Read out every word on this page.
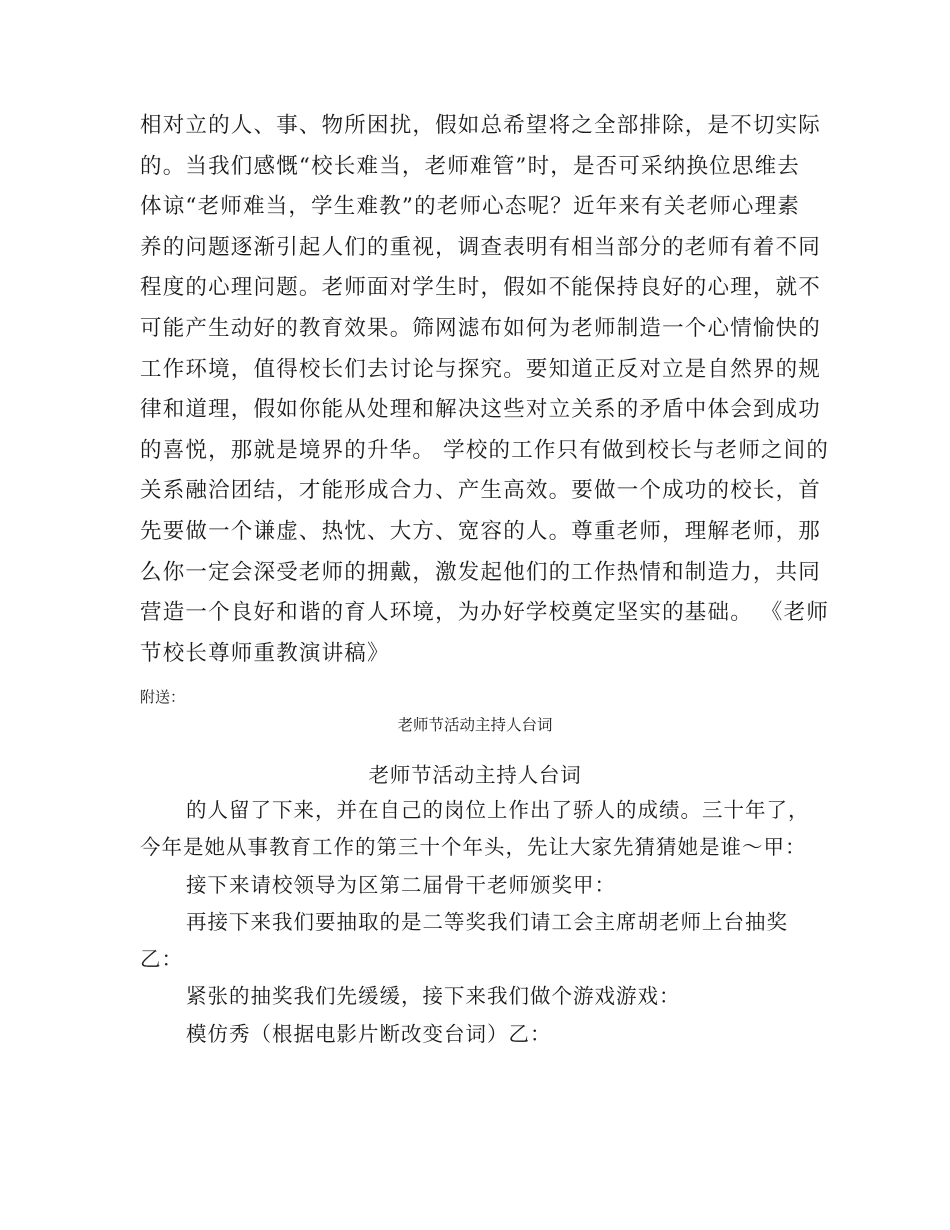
相对立的人、事、物所困扰，假如总希望将之全部排除，是不切实际
的。当我们感慨“校长难当，老师难管”时，是否可采纳换位思维去
体谅“老师难当，学生难教”的老师心态呢？近年来有关老师心理素
养的问题逐渐引起人们的重视，调查表明有相当部分的老师有着不同
程度的心理问题。老师面对学生时，假如不能保持良好的心理，就不
可能产生动好的教育效果。筛网滤布如何为老师制造一个心情愉快的
工作环境，值得校长们去讨论与探究。要知道正反对立是自然界的规
律和道理，假如你能从处理和解决这些对立关系的矛盾中体会到成功
的喜悦，那就是境界的升华。 学校的工作只有做到校长与老师之间的
关系融洽团结，才能形成合力、产生高效。要做一个成功的校长，首
先要做一个谦虚、热忱、大方、宽容的人。尊重老师，理解老师，那
么你一定会深受老师的拥戴，激发起他们的工作热情和制造力，共同
营造一个良好和谐的育人环境，为办好学校奠定坚实的基础。 《老师
节校长尊师重教演讲稿》
附送：
老师节活动主持人台词
老师节活动主持人台词
的人留了下来，并在自己的岗位上作出了骄人的成绩。三十年了，
今年是她从事教育工作的第三十个年头，先让大家先猜猜她是谁～甲：
接下来请校领导为区第二届骨干老师颁奖甲：
再接下来我们要抽取的是二等奖我们请工会主席胡老师上台抽奖
乙：
紧张的抽奖我们先缓缓，接下来我们做个游戏游戏：
模仿秀（根据电影片断改变台词）乙：
